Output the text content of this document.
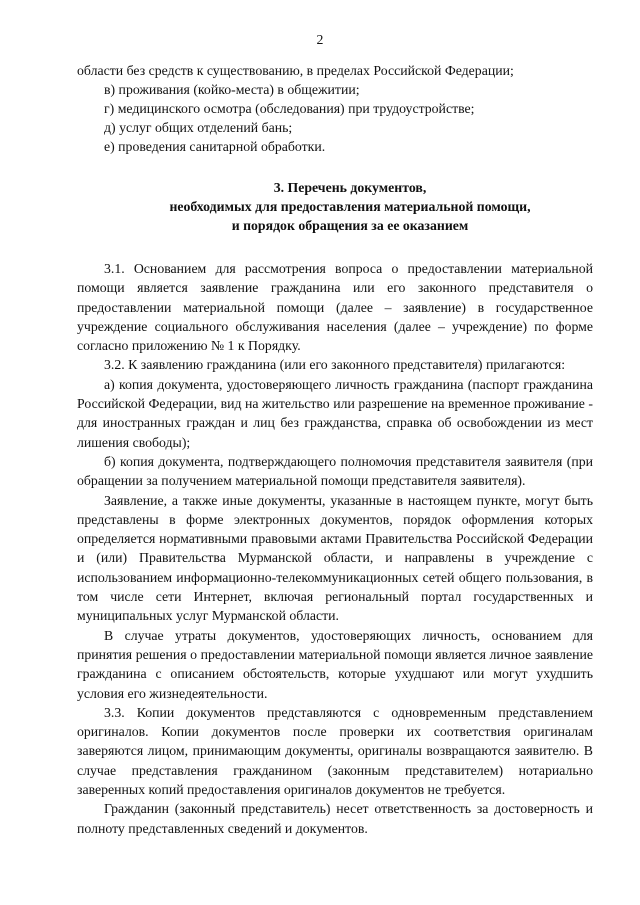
2
области без средств к существованию, в пределах Российской Федерации;
в) проживания (койко-места) в общежитии;
г) медицинского осмотра (обследования) при трудоустройстве;
д) услуг общих отделений бань;
е) проведения санитарной обработки.
3. Перечень документов,
необходимых для предоставления материальной помощи,
и порядок обращения за ее оказанием

3.1. Основанием для рассмотрения вопроса о предоставлении материальной помощи является заявление гражданина или его законного представителя о предоставлении материальной помощи (далее – заявление) в государственное учреждение социального обслуживания населения (далее – учреждение) по форме согласно приложению № 1 к Порядку.

3.2. К заявлению гражданина (или его законного представителя) прилагаются:

а) копия документа, удостоверяющего личность гражданина (паспорт гражданина Российской Федерации, вид на жительство или разрешение на временное проживание - для иностранных граждан и лиц без гражданства, справка об освобождении из мест лишения свободы);

б) копия документа, подтверждающего полномочия представителя заявителя (при обращении за получением материальной помощи представителя заявителя).

Заявление, а также иные документы, указанные в настоящем пункте, могут быть представлены в форме электронных документов, порядок оформления которых определяется нормативными правовыми актами Правительства Российской Федерации и (или) Правительства Мурманской области, и направлены в учреждение с использованием информационно-телекоммуникационных сетей общего пользования, в том числе сети Интернет, включая региональный портал государственных и муниципальных услуг Мурманской области.

В случае утраты документов, удостоверяющих личность, основанием для принятия решения о предоставлении материальной помощи является личное заявление гражданина с описанием обстоятельств, которые ухудшают или могут ухудшить условия его жизнедеятельности.

3.3. Копии документов представляются с одновременным представлением оригиналов. Копии документов после проверки их соответствия оригиналам заверяются лицом, принимающим документы, оригиналы возвращаются заявителю. В случае представления гражданином (законным представителем) нотариально заверенных копий предоставления оригиналов документов не требуется.

Гражданин (законный представитель) несет ответственность за достоверность и полноту представленных сведений и документов.
